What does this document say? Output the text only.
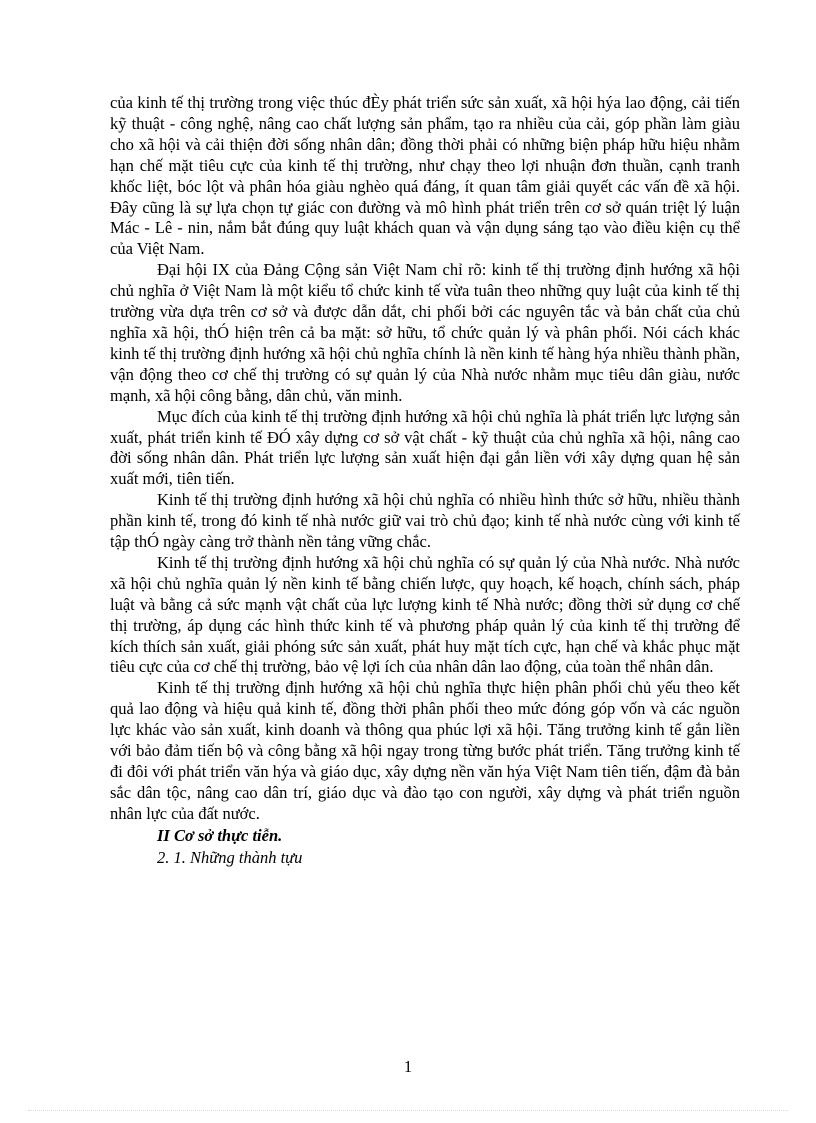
của kinh tế thị trường trong việc thúc đÈy phát triển sức sản xuất, xã hội hýa lao động, cải tiến kỹ thuật - công nghệ, nâng cao chất lượng sản phẩm, tạo ra nhiều của cải, góp phần làm giàu cho xã hội và cải thiện đời sống nhân dân; đồng thời phải có những biện pháp hữu hiệu nhằm hạn chế mặt tiêu cực của kinh tế thị trường, như chạy theo lợi nhuận đơn thuần, cạnh tranh khốc liệt, bóc lột và phân hóa giàu nghèo quá đáng, ít quan tâm giải quyết các vấn đề xã hội. Đây cũng là sự lựa chọn tự giác con đường và mô hình phát triển trên cơ sở quán triệt lý luận Mác - Lê - nin, nắm bắt đúng quy luật khách quan và vận dụng sáng tạo vào điều kiện cụ thể của Việt Nam.

Đại hội IX của Đảng Cộng sản Việt Nam chỉ rõ: kinh tế thị trường định hướng xã hội chủ nghĩa ở Việt Nam là một kiểu tổ chức kinh tế vừa tuân theo những quy luật của kinh tế thị trường vừa dựa trên cơ sở và được dẫn dắt, chi phối bởi các nguyên tắc và bản chất của chủ nghĩa xã hội, thÓ hiện trên cả ba mặt: sở hữu, tổ chức quản lý và phân phối. Nói cách khác kinh tế thị trường định hướng xã hội chủ nghĩa chính là nền kinh tế hàng hýa nhiều thành phần, vận động theo cơ chế thị trường có sự quản lý của Nhà nước nhằm mục tiêu dân giàu, nước mạnh, xã hội công bằng, dân chủ, văn minh.

Mục đích của kinh tế thị trường định hướng xã hội chủ nghĩa là phát triển lực lượng sản xuất, phát triển kinh tế ĐÓ xây dựng cơ sở vật chất - kỹ thuật của chủ nghĩa xã hội, nâng cao đời sống nhân dân. Phát triển lực lượng sản xuất hiện đại gắn liền với xây dựng quan hệ sản xuất mới, tiên tiến.

Kinh tế thị trường định hướng xã hội chủ nghĩa có nhiều hình thức sở hữu, nhiều thành phần kinh tế, trong đó kinh tế nhà nước giữ vai trò chủ đạo; kinh tế nhà nước cùng với kinh tế tập thÓ ngày càng trở thành nền tảng vững chắc.

Kinh tế thị trường định hướng xã hội chủ nghĩa có sự quản lý của Nhà nước. Nhà nước xã hội chủ nghĩa quản lý nền kinh tế bằng chiến lược, quy hoạch, kế hoạch, chính sách, pháp luật và bằng cả sức mạnh vật chất của lực lượng kinh tế Nhà nước; đồng thời sử dụng cơ chế thị trường, áp dụng các hình thức kinh tế và phương pháp quản lý của kinh tế thị trường để kích thích sản xuất, giải phóng sức sản xuất, phát huy mặt tích cực, hạn chế và khắc phục mặt tiêu cực của cơ chế thị trường, bảo vệ lợi ích của nhân dân lao động, của toàn thể nhân dân.

Kinh tế thị trường định hướng xã hội chủ nghĩa thực hiện phân phối chủ yếu theo kết quả lao động và hiệu quả kinh tế, đồng thời phân phối theo mức đóng góp vốn và các nguồn lực khác vào sản xuất, kinh doanh và thông qua phúc lợi xã hội. Tăng trưởng kinh tế gắn liền với bảo đảm tiến bộ và công bằng xã hội ngay trong từng bước phát triển. Tăng trưởng kinh tế đi đôi với phát triển văn hýa và giáo dục, xây dựng nền văn hýa Việt Nam tiên tiến, đậm đà bản sắc dân tộc, nâng cao dân trí, giáo dục và đào tạo con người, xây dựng và phát triển nguồn nhân lực của đất nước.

II Cơ sở thực tiễn.

2. 1. Những thành tựu

1
